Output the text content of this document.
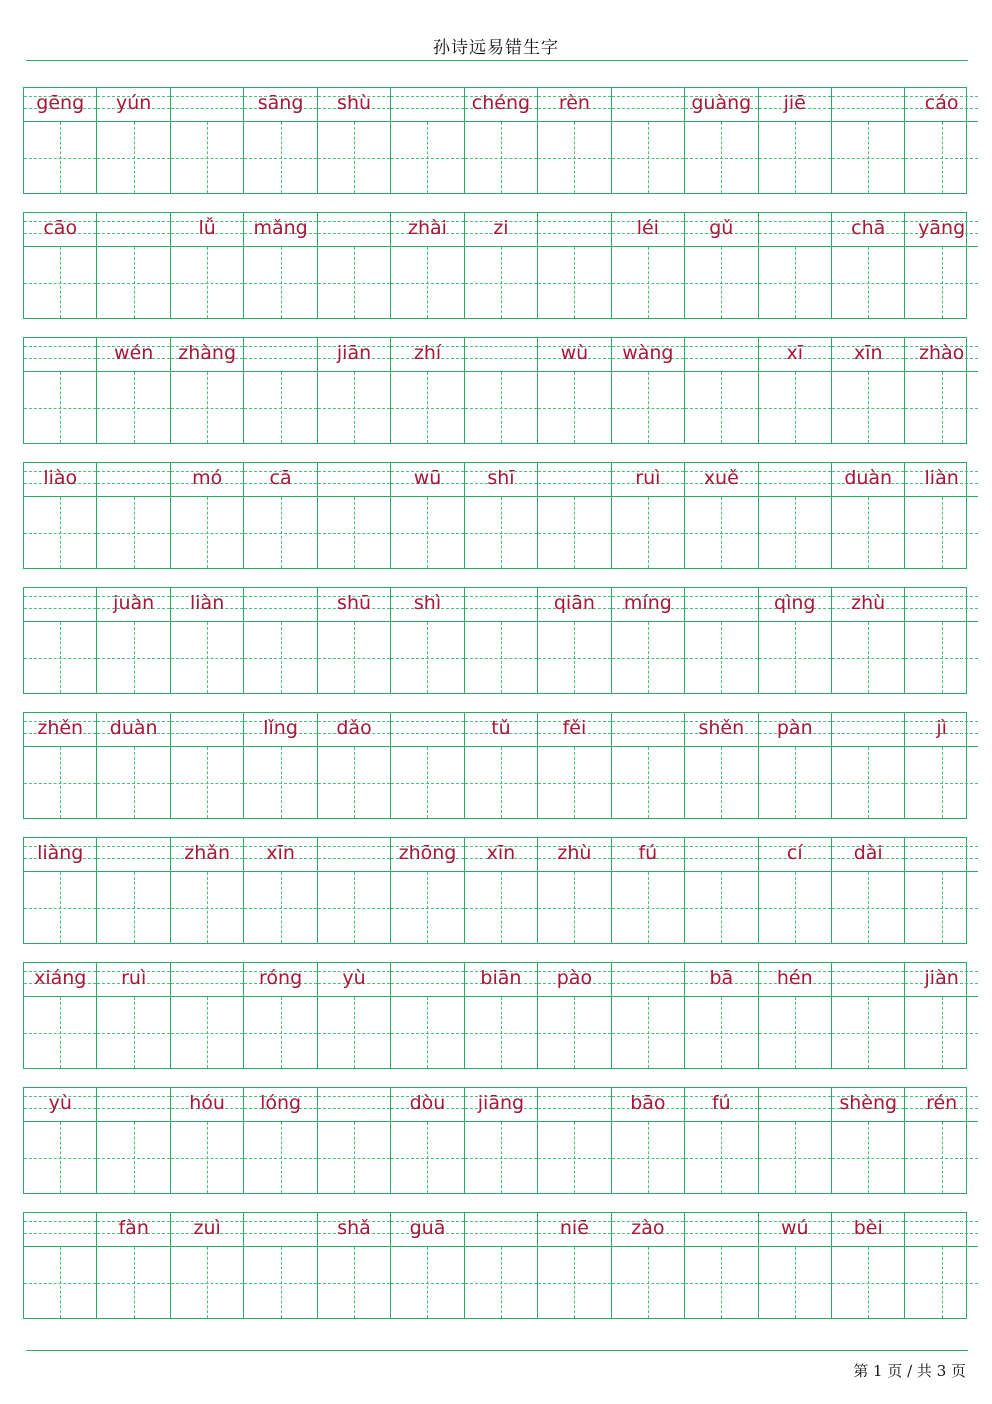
孙诗远易错生字
gēng	yún	sāng	shù	chéng	rèn	guàng	jiē	cáo
cāo	lǚ	mǎng	zhài	zi	léi	gǔ	chā	yāng
wén	zhàng	jiān	zhí	wù	wàng	xī	xīn	zhào
liào	mó	cā	wū	shī	ruì	xuě	duàn	liàn
juàn	liàn	shū	shì	qiān	míng	qìng	zhù
zhěn	duàn	lǐng	dǎo	tǔ	fěi	shěn	pàn	jì
liàng	zhǎn	xīn	zhōng	xīn	zhù	fú	cí	dài
xiáng	ruì	róng	yù	biān	pào	bā	hén	jiàn
yù	hóu	lóng	dòu	jiāng	bāo	fú	shèng	rén
fàn	zuì	shǎ	guā	niē	zào	wú	bèi
第 1 页 / 共 3 页
